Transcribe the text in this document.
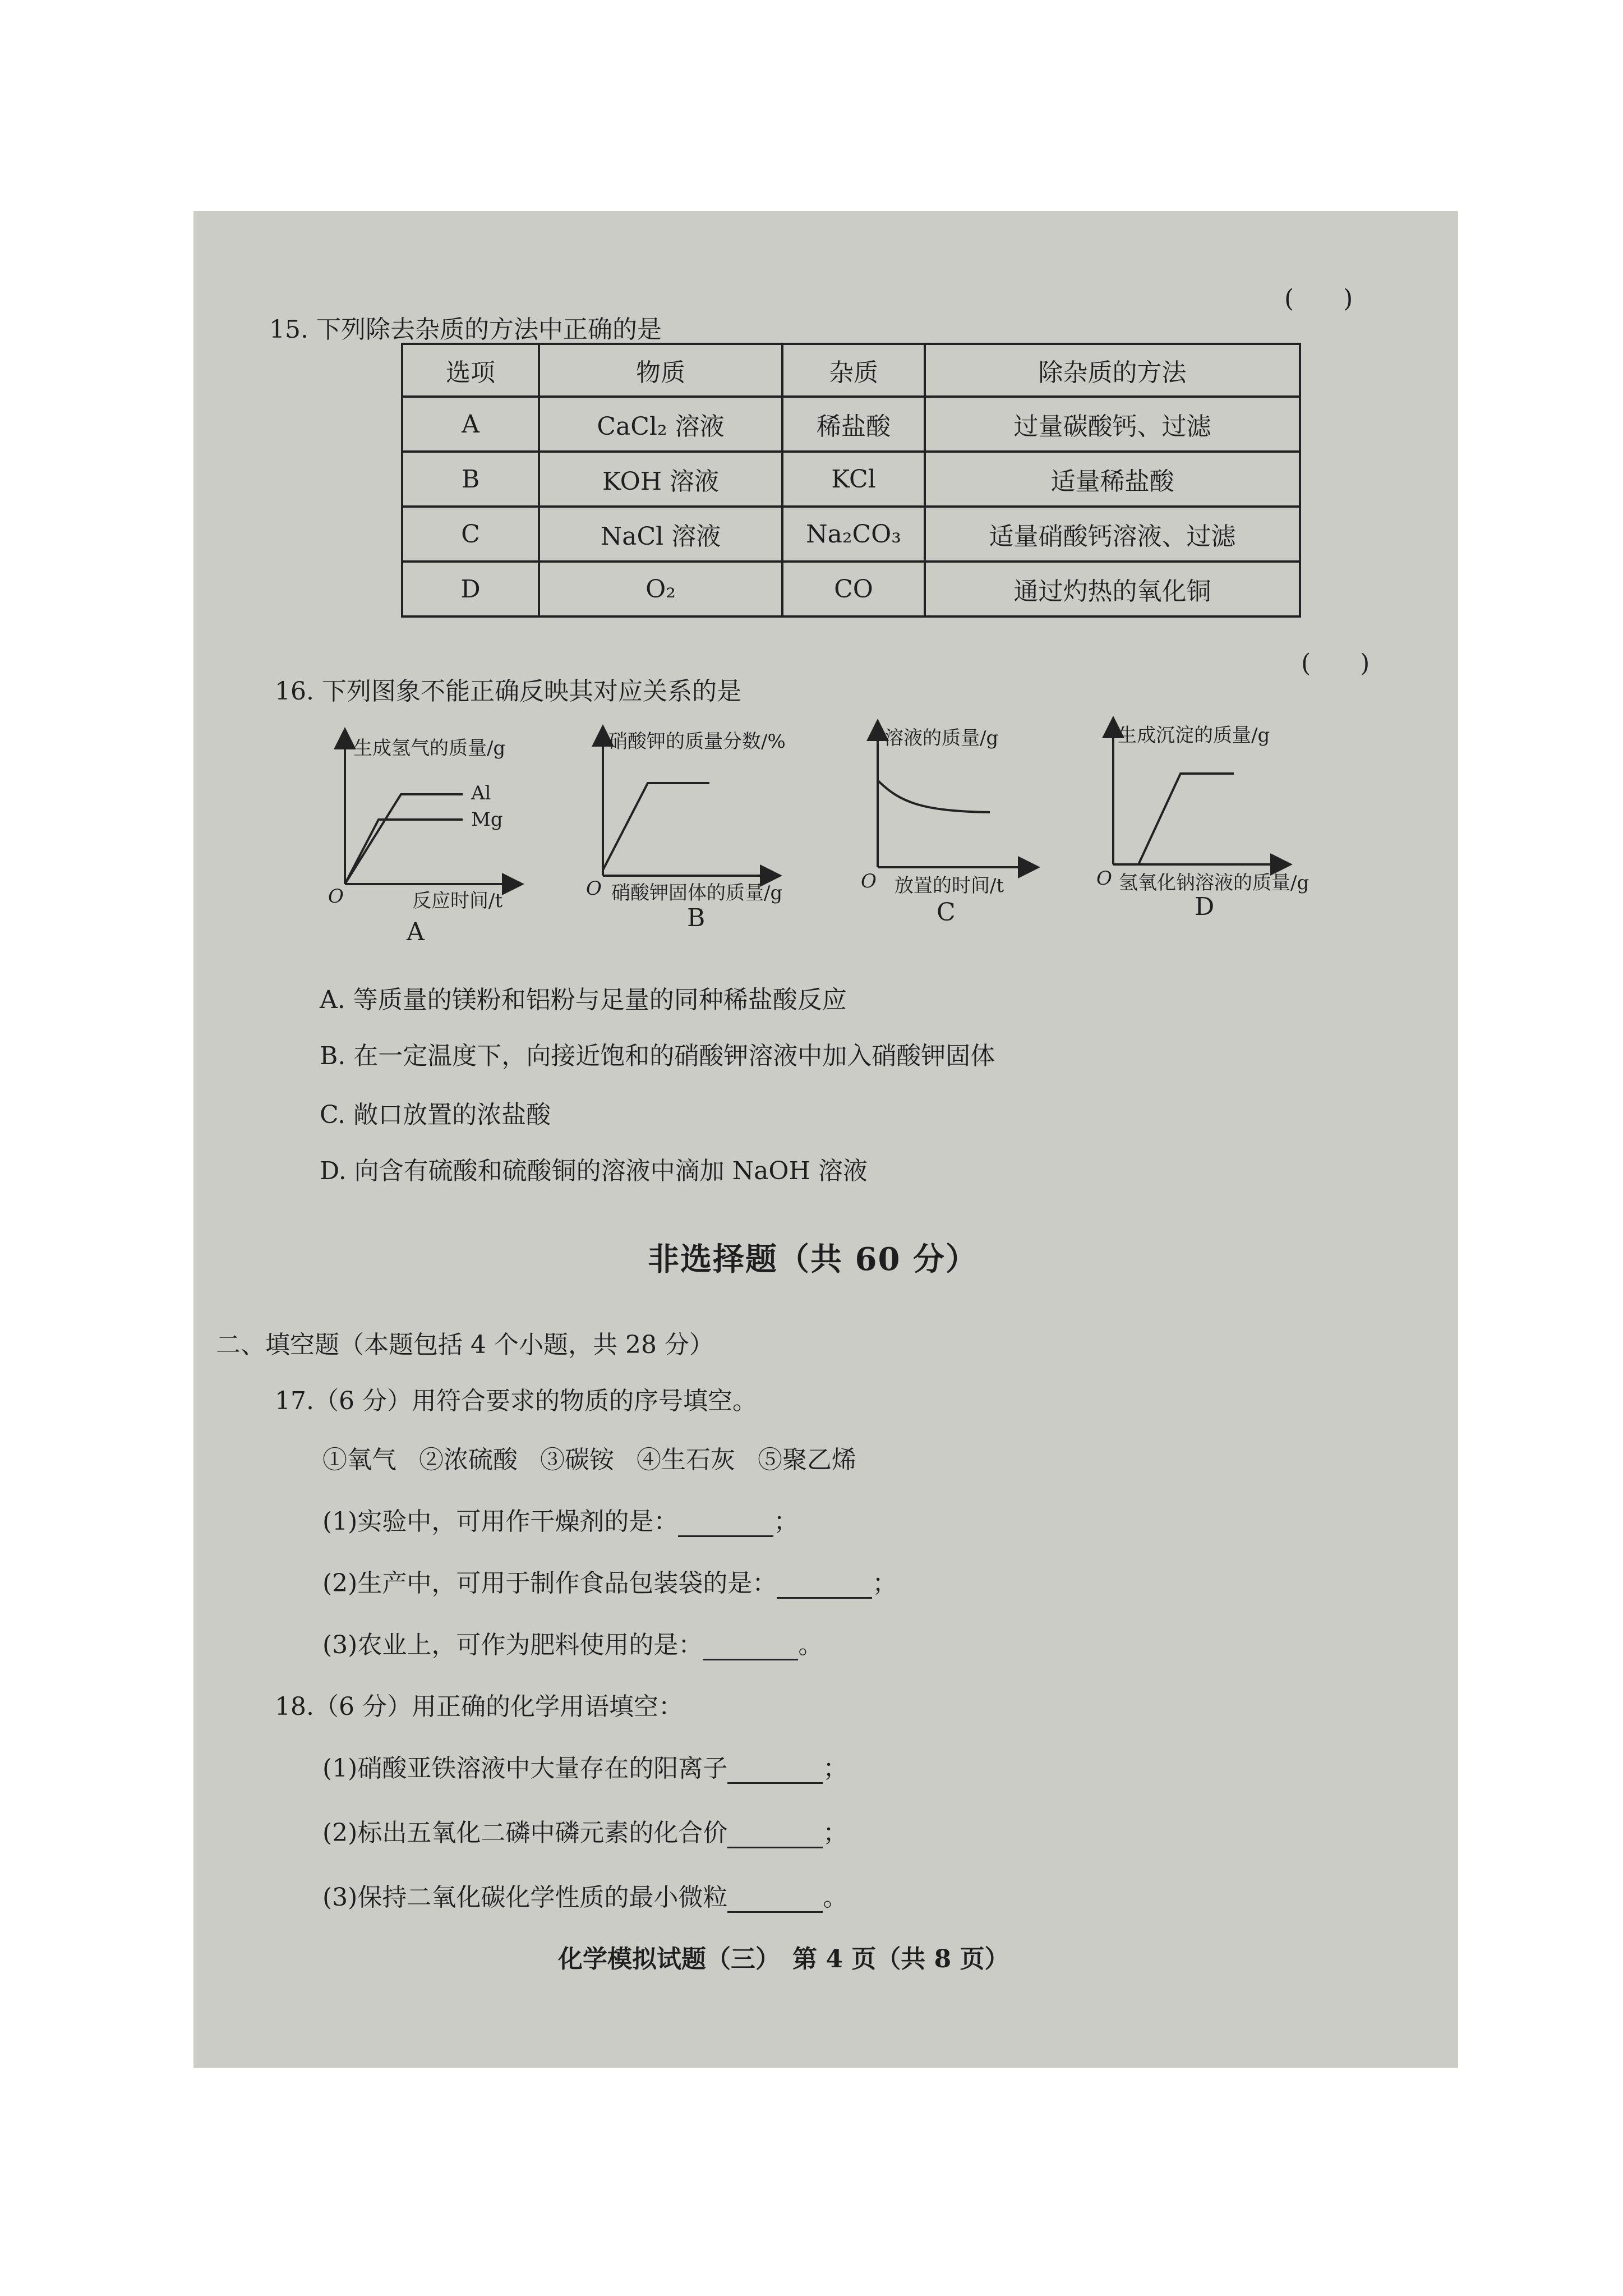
(　　)
15. 下列除去杂质的方法中正确的是
选项	物质	杂质	除杂质的方法
A	CaCl₂ 溶液	稀盐酸	过量碳酸钙、过滤
B	KOH 溶液	KCl	适量稀盐酸
C	NaCl 溶液	Na₂CO₃	适量硝酸钙溶液、过滤
D	O₂	CO	通过灼热的氧化铜
(　　)
16. 下列图象不能正确反映其对应关系的是
生成氢气的质量/g
Al
Mg
O	反应时间/t
A
硝酸钾的质量分数/%
O 硝酸钾固体的质量/g
B
溶液的质量/g
O 放置的时间/t
C
生成沉淀的质量/g
O 氢氧化钠溶液的质量/g
D
A. 等质量的镁粉和铝粉与足量的同种稀盐酸反应
B. 在一定温度下，向接近饱和的硝酸钾溶液中加入硝酸钾固体
C. 敞口放置的浓盐酸
D. 向含有硫酸和硫酸铜的溶液中滴加 NaOH 溶液
非选择题（共 60 分）
二、填空题（本题包括 4 个小题，共 28 分）
17.（6 分）用符合要求的物质的序号填空。
①氧气 ②浓硫酸 ③碳铵 ④生石灰 ⑤聚乙烯
(1)实验中，可用作干燥剂的是：	；
(2)生产中，可用于制作食品包装袋的是：	；
(3)农业上，可作为肥料使用的是：	。
18.（6 分）用正确的化学用语填空：
(1)硝酸亚铁溶液中大量存在的阳离子	；
(2)标出五氧化二磷中磷元素的化合价	；
(3)保持二氧化碳化学性质的最小微粒	。
化学模拟试题（三）　第 4 页（共 8 页）
